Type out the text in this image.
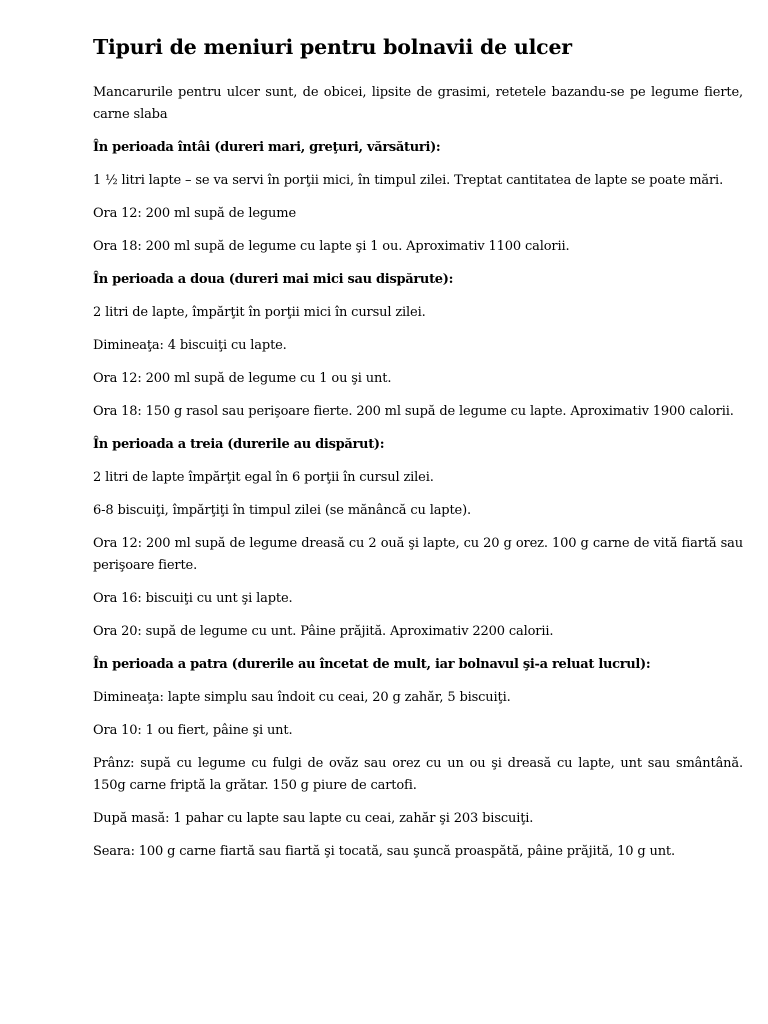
Tipuri de meniuri pentru bolnavii de ulcer

Mancarurile pentru ulcer sunt, de obicei, lipsite de grasimi, retetele bazandu-se pe legume fierte, carne slaba

În perioada întâi (dureri mari, greţuri, vărsături):

1 ½ litri lapte – se va servi în porţii mici, în timpul zilei. Treptat cantitatea de lapte se poate mări.

Ora 12: 200 ml supă de legume

Ora 18: 200 ml supă de legume cu lapte şi 1 ou. Aproximativ 1100 calorii.

În perioada a doua (dureri mai mici sau dispărute):

2 litri de lapte, împărţit în porţii mici în cursul zilei.

Dimineaţa: 4 biscuiţi cu lapte.

Ora 12: 200 ml supă de legume cu 1 ou şi unt.

Ora 18: 150 g rasol sau perişoare fierte. 200 ml supă de legume cu lapte. Aproximativ 1900 calorii.

În perioada a treia (durerile au dispărut):

2 litri de lapte împărţit egal în 6 porţii în cursul zilei.

6-8 biscuiţi, împărţiţi în timpul zilei (se mănâncă cu lapte).

Ora 12: 200 ml supă de legume dreasă cu 2 ouă şi lapte, cu 20 g orez. 100 g carne de vită fiartă sau perişoare fierte.

Ora 16: biscuiţi cu unt şi lapte.

Ora 20: supă de legume cu unt. Pâine prăjită. Aproximativ 2200 calorii.

În perioada a patra (durerile au încetat de mult, iar bolnavul şi-a reluat lucrul):

Dimineaţa: lapte simplu sau îndoit cu ceai, 20 g zahăr, 5 biscuiţi.

Ora 10: 1 ou fiert, pâine şi unt.

Prânz: supă cu legume cu fulgi de ovăz sau orez cu un ou şi dreasă cu lapte, unt sau smântână. 150g carne friptă la grătar. 150 g piure de cartofi.

După masă: 1 pahar cu lapte sau lapte cu ceai, zahăr şi 203 biscuiţi.

Seara: 100 g carne fiartă sau fiartă şi tocată, sau şuncă proaspătă, pâine prăjită, 10 g unt.
